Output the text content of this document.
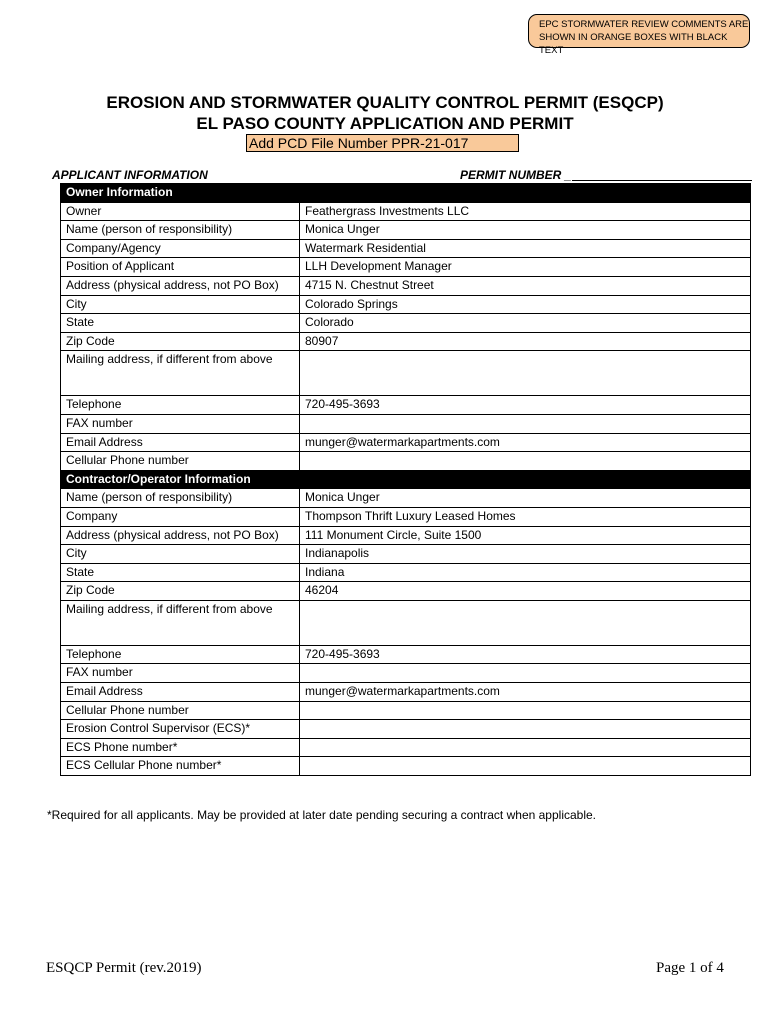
EPC STORMWATER REVIEW COMMENTS ARE
SHOWN IN ORANGE BOXES WITH BLACK TEXT
EROSION AND STORMWATER QUALITY CONTROL PERMIT (ESQCP)
EL PASO COUNTY APPLICATION AND PERMIT
Add PCD File Number PPR-21-017
APPLICANT INFORMATION	PERMIT NUMBER _
Owner Information	
Owner	Feathergrass Investments LLC
Name (person of responsibility)	Monica Unger
Company/Agency	Watermark Residential
Position of Applicant	LLH Development Manager
Address (physical address, not PO Box)	4715 N. Chestnut Street
City	Colorado Springs
State	Colorado
Zip Code	80907
Mailing address, if different from above	
Telephone	720-495-3693
FAX number	
Email Address	munger@watermarkapartments.com
Cellular Phone number	
Contractor/Operator Information	
Name (person of responsibility)	Monica Unger
Company	Thompson Thrift Luxury Leased Homes
Address (physical address, not PO Box)	111 Monument Circle, Suite 1500
City	Indianapolis
State	Indiana
Zip Code	46204
Mailing address, if different from above	
Telephone	720-495-3693
FAX number	
Email Address	munger@watermarkapartments.com
Cellular Phone number	
Erosion Control Supervisor (ECS)*	
ECS Phone number*	
ECS Cellular Phone number*	
*Required for all applicants. May be provided at later date pending securing a contract when applicable.
ESQCP Permit (rev.2019)	Page 1 of 4
